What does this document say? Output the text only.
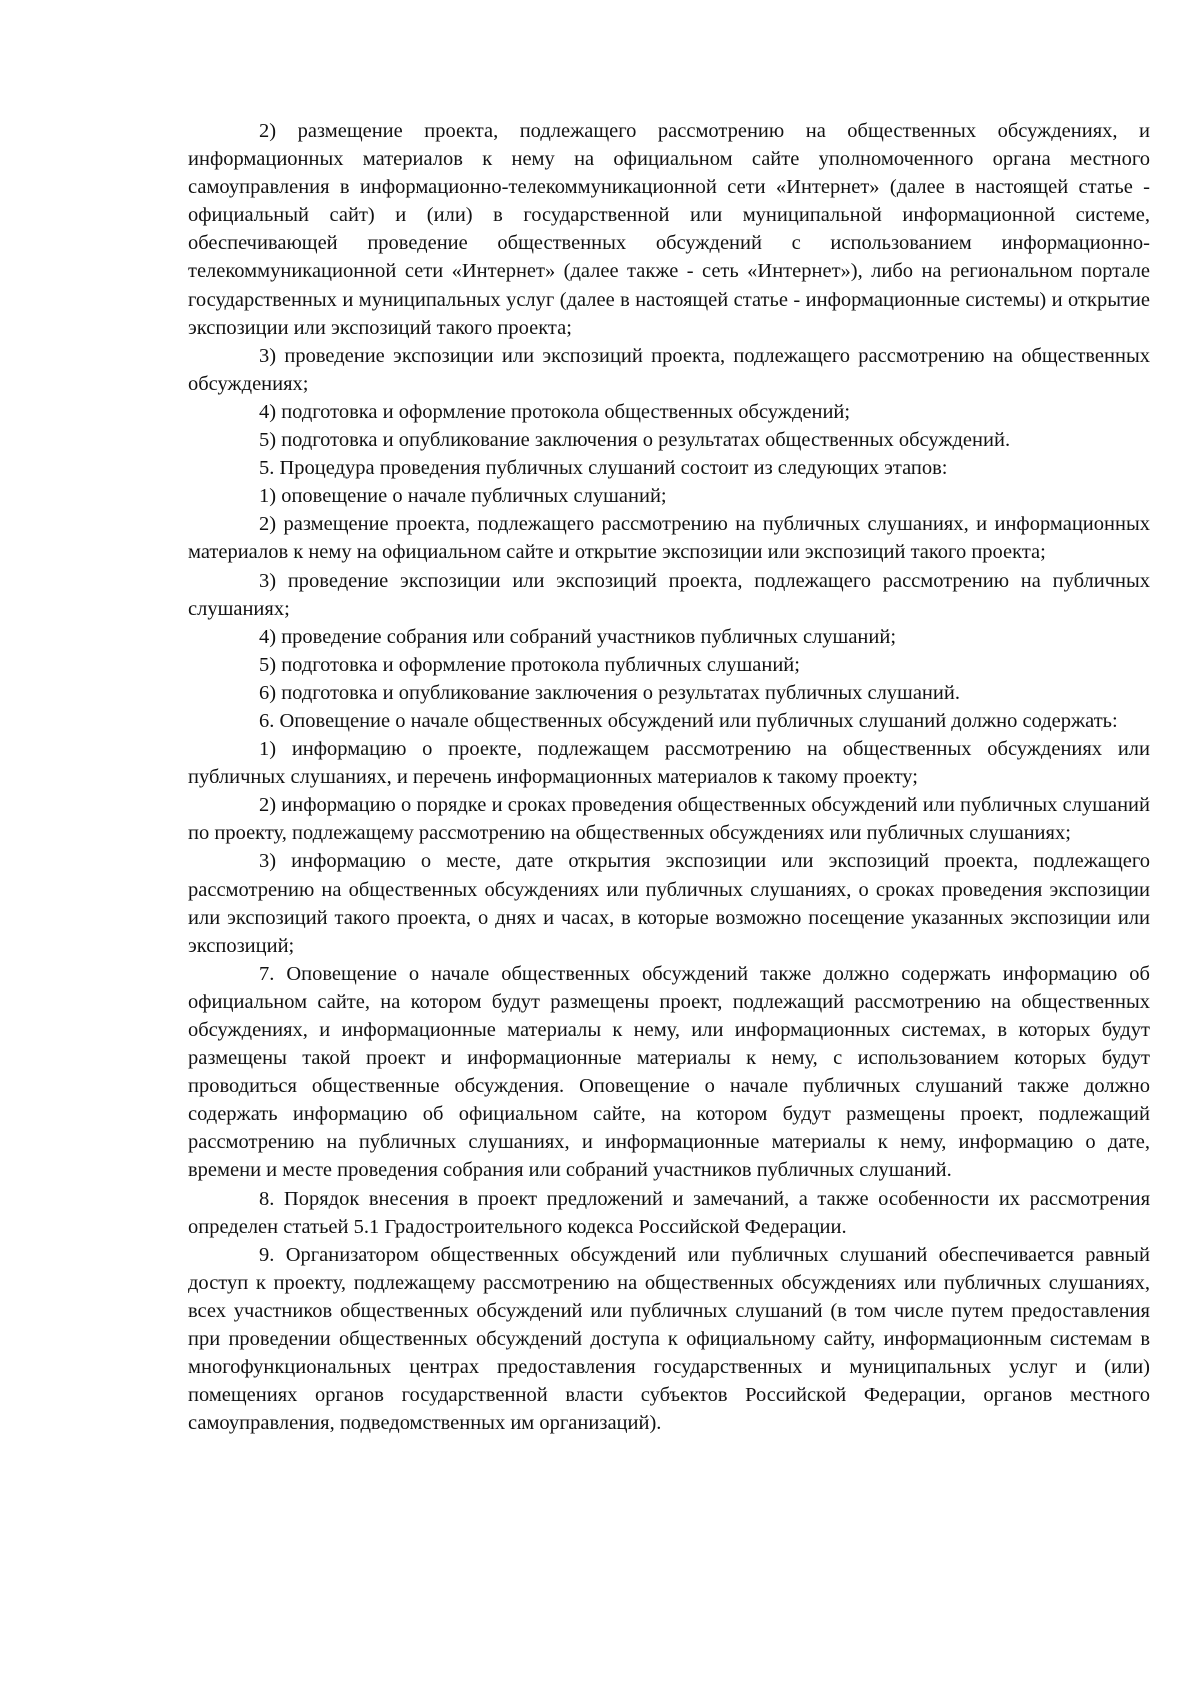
2) размещение проекта, подлежащего рассмотрению на общественных обсуждениях, и информационных материалов к нему на официальном сайте уполномоченного органа местного самоуправления в информационно-телекоммуникационной сети «Интернет» (далее в настоящей статье - официальный сайт) и (или) в государственной или муниципальной информационной системе, обеспечивающей проведение общественных обсуждений с использованием информационно-телекоммуникационной сети «Интернет» (далее также - сеть «Интернет»), либо на региональном портале государственных и муниципальных услуг (далее в настоящей статье - информационные системы) и открытие экспозиции или экспозиций такого проекта;

3) проведение экспозиции или экспозиций проекта, подлежащего рассмотрению на общественных обсуждениях;

4) подготовка и оформление протокола общественных обсуждений;

5) подготовка и опубликование заключения о результатах общественных обсуждений.

5. Процедура проведения публичных слушаний состоит из следующих этапов:

1) оповещение о начале публичных слушаний;

2) размещение проекта, подлежащего рассмотрению на публичных слушаниях, и информационных материалов к нему на официальном сайте и открытие экспозиции или экспозиций такого проекта;

3) проведение экспозиции или экспозиций проекта, подлежащего рассмотрению на публичных слушаниях;

4) проведение собрания или собраний участников публичных слушаний;

5) подготовка и оформление протокола публичных слушаний;

6) подготовка и опубликование заключения о результатах публичных слушаний.

6. Оповещение о начале общественных обсуждений или публичных слушаний должно содержать:

1) информацию о проекте, подлежащем рассмотрению на общественных обсуждениях или публичных слушаниях, и перечень информационных материалов к такому проекту;

2) информацию о порядке и сроках проведения общественных обсуждений или публичных слушаний по проекту, подлежащему рассмотрению на общественных обсуждениях или публичных слушаниях;

3) информацию о месте, дате открытия экспозиции или экспозиций проекта, подлежащего рассмотрению на общественных обсуждениях или публичных слушаниях, о сроках проведения экспозиции или экспозиций такого проекта, о днях и часах, в которые возможно посещение указанных экспозиции или экспозиций;

7. Оповещение о начале общественных обсуждений также должно содержать информацию об официальном сайте, на котором будут размещены проект, подлежащий рассмотрению на общественных обсуждениях, и информационные материалы к нему, или информационных системах, в которых будут размещены такой проект и информационные материалы к нему, с использованием которых будут проводиться общественные обсуждения. Оповещение о начале публичных слушаний также должно содержать информацию об официальном сайте, на котором будут размещены проект, подлежащий рассмотрению на публичных слушаниях, и информационные материалы к нему, информацию о дате, времени и месте проведения собрания или собраний участников публичных слушаний.

8. Порядок внесения в проект предложений и замечаний, а также особенности их рассмотрения определен статьей 5.1 Градостроительного кодекса Российской Федерации.

9. Организатором общественных обсуждений или публичных слушаний обеспечивается равный доступ к проекту, подлежащему рассмотрению на общественных обсуждениях или публичных слушаниях, всех участников общественных обсуждений или публичных слушаний (в том числе путем предоставления при проведении общественных обсуждений доступа к официальному сайту, информационным системам в многофункциональных центрах предоставления государственных и муниципальных услуг и (или) помещениях органов государственной власти субъектов Российской Федерации, органов местного самоуправления, подведомственных им организаций).
